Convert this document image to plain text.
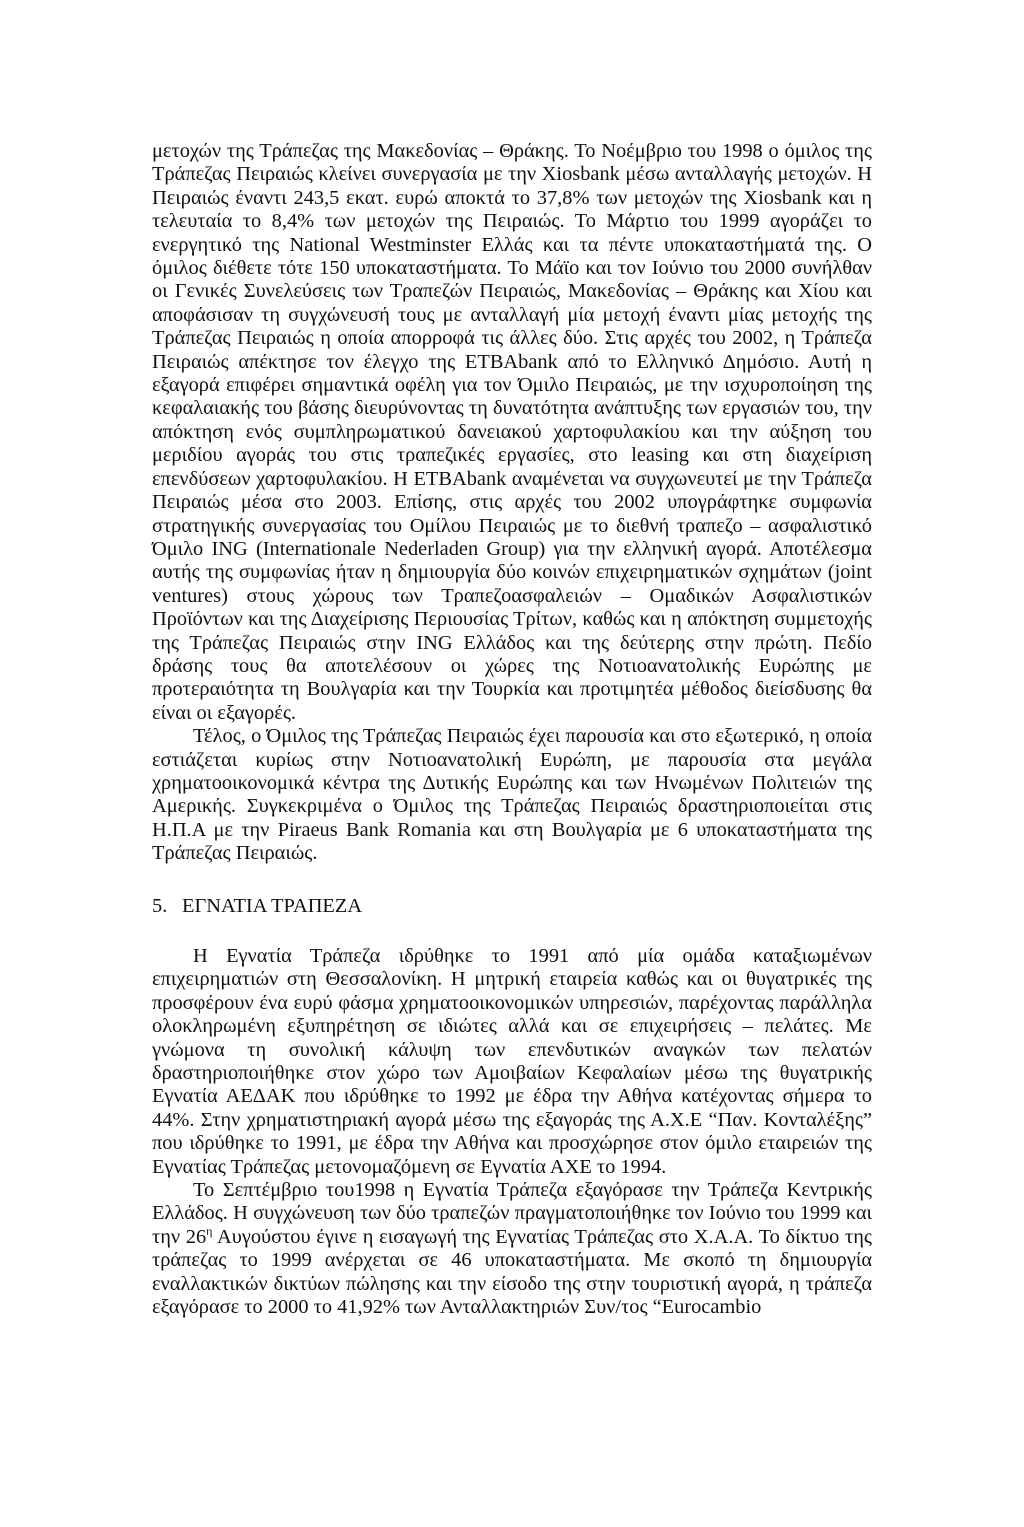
μετοχών της Τράπεζας της Μακεδονίας – Θράκης. Το Νοέμβριο του 1998 ο όμιλος της Τράπεζας Πειραιώς κλείνει συνεργασία με την Xiosbank μέσω ανταλλαγής μετοχών. Η Πειραιώς έναντι 243,5 εκατ. ευρώ αποκτά το 37,8% των μετοχών της Xiosbank και η τελευταία το 8,4% των μετοχών της Πειραιώς. Το Μάρτιο του 1999 αγοράζει το ενεργητικό της National Westminster Ελλάς και τα πέντε υποκαταστήματά της. Ο όμιλος διέθετε τότε 150 υποκαταστήματα. Το Μάϊο και τον Ιούνιο του 2000 συνήλθαν οι Γενικές Συνελεύσεις των Τραπεζών Πειραιώς, Μακεδονίας – Θράκης και Χίου και αποφάσισαν τη συγχώνευσή τους με ανταλλαγή μία μετοχή έναντι μίας μετοχής της Τράπεζας Πειραιώς η οποία απορροφά τις άλλες δύο. Στις αρχές του 2002, η Τράπεζα Πειραιώς απέκτησε τον έλεγχο της ΕΤΒΑbank από το Ελληνικό Δημόσιο. Αυτή η εξαγορά επιφέρει σημαντικά οφέλη για τον Όμιλο Πειραιώς, με την ισχυροποίηση της κεφαλαιακής του βάσης διευρύνοντας τη δυνατότητα ανάπτυξης των εργασιών του, την απόκτηση ενός συμπληρωματικού δανειακού χαρτοφυλακίου και την αύξηση του μεριδίου αγοράς του στις τραπεζικές εργασίες, στο leasing και στη διαχείριση επενδύσεων χαρτοφυλακίου. Η ΕΤΒΑbank αναμένεται να συγχωνευτεί με την Τράπεζα Πειραιώς μέσα στο 2003. Επίσης, στις αρχές του 2002 υπογράφτηκε συμφωνία στρατηγικής συνεργασίας του Ομίλου Πειραιώς με το διεθνή τραπεζο – ασφαλιστικό Όμιλο ING (Internationale Nederladen Group) για την ελληνική αγορά. Αποτέλεσμα αυτής της συμφωνίας ήταν η δημιουργία δύο κοινών επιχειρηματικών σχημάτων (joint ventures) στους χώρους των Τραπεζοασφαλειών – Ομαδικών Ασφαλιστικών Προϊόντων και της Διαχείρισης Περιουσίας Τρίτων, καθώς και η απόκτηση συμμετοχής της Τράπεζας Πειραιώς στην ING Ελλάδος και της δεύτερης στην πρώτη. Πεδίο δράσης τους θα αποτελέσουν οι χώρες της Νοτιοανατολικής Ευρώπης με προτεραιότητα τη Βουλγαρία και την Τουρκία και προτιμητέα μέθοδος διείσδυσης θα είναι οι εξαγορές.

Τέλος, ο Όμιλος της Τράπεζας Πειραιώς έχει παρουσία και στο εξωτερικό, η οποία εστιάζεται κυρίως στην Νοτιοανατολική Ευρώπη, με παρουσία στα μεγάλα χρηματοοικονομικά κέντρα της Δυτικής Ευρώπης και των Ηνωμένων Πολιτειών της Αμερικής. Συγκεκριμένα ο Όμιλος της Τράπεζας Πειραιώς δραστηριοποιείται στις Η.Π.Α με την Piraeus Bank Romania και στη Βουλγαρία με 6 υποκαταστήματα της Τράπεζας Πειραιώς.

5. ΕΓΝΑΤΙΑ ΤΡΑΠΕΖΑ

Η Εγνατία Τράπεζα ιδρύθηκε το 1991 από μία ομάδα καταξιωμένων επιχειρηματιών στη Θεσσαλονίκη. Η μητρική εταιρεία καθώς και οι θυγατρικές της προσφέρουν ένα ευρύ φάσμα χρηματοοικονομικών υπηρεσιών, παρέχοντας παράλληλα ολοκληρωμένη εξυπηρέτηση σε ιδιώτες αλλά και σε επιχειρήσεις – πελάτες. Με γνώμονα τη συνολική κάλυψη των επενδυτικών αναγκών των πελατών δραστηριοποιήθηκε στον χώρο των Αμοιβαίων Κεφαλαίων μέσω της θυγατρικής Εγνατία ΑΕΔΑΚ που ιδρύθηκε το 1992 με έδρα την Αθήνα κατέχοντας σήμερα το 44%. Στην χρηματιστηριακή αγορά μέσω της εξαγοράς της Α.Χ.Ε “Παν. Κονταλέξης” που ιδρύθηκε το 1991, με έδρα την Αθήνα και προσχώρησε στον όμιλο εταιρειών της Εγνατίας Τράπεζας μετονομαζόμενη σε Εγνατία ΑΧΕ το 1994.

Το Σεπτέμβριο του1998 η Εγνατία Τράπεζα εξαγόρασε την Τράπεζα Κεντρικής Ελλάδος. Η συγχώνευση των δύο τραπεζών πραγματοποιήθηκε τον Ιούνιο του 1999 και την $26^\eta$ Αυγούστου έγινε η εισαγωγή της Εγνατίας Τράπεζας στο Χ.Α.Α. Το δίκτυο της τράπεζας το 1999 ανέρχεται σε 46 υποκαταστήματα. Με σκοπό τη δημιουργία εναλλακτικών δικτύων πώλησης και την είσοδο της στην τουριστική αγορά, η τράπεζα εξαγόρασε το 2000 το 41,92% των Ανταλλακτηριών Συν/τος “Eurocambio
